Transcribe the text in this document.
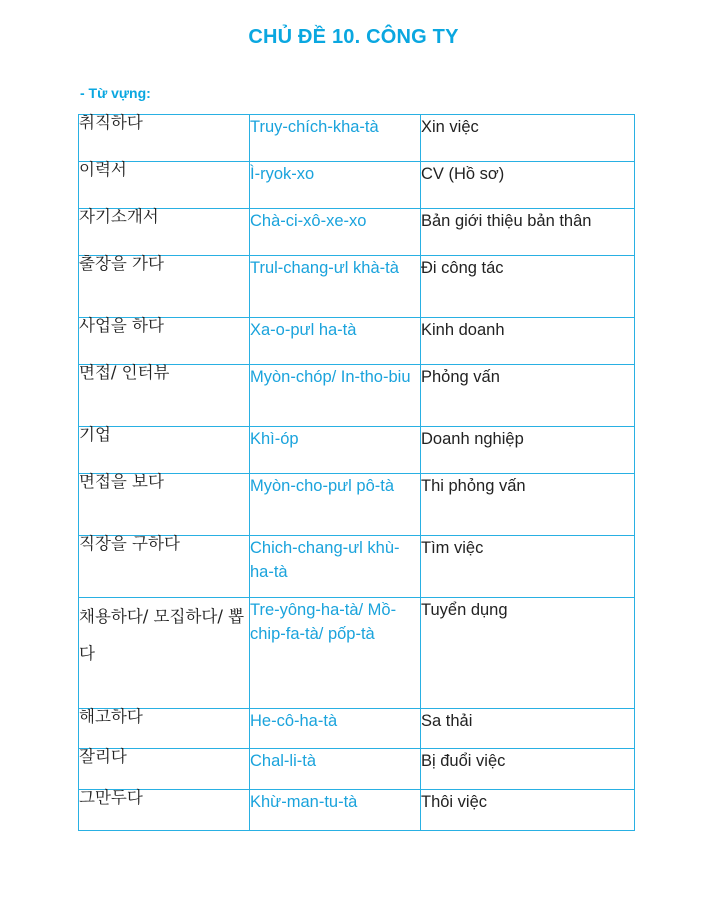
CHỦ ĐỀ 10. CÔNG TY
- Từ vựng:
취직하다	Truy-chích-kha-tà	Xin việc

이력서	Ì-ryok-xo	CV (Hồ sơ)

자기소개서	Chà-ci-xô-xe-xo	Bản giới thiệu bản thân

출장을 가다	Trul-chang-ưl khà-tà	Đi công tác

사업을 하다	Xa-o-pưl ha-tà	Kinh doanh

면접/ 인터뷰	Myòn-chóp/ In-tho-biu	Phỏng vấn

기업	Khì-óp	Doanh nghiệp

면접을 보다	Myòn-cho-pưl pô-tà	Thi phỏng vấn

직장을 구하다	Chich-chang-ưl khù-ha-tà	Tìm việc

채용하다/ 모집하다/ 뽑다	Tre-yông-ha-tà/ Mồ-chip-fa-tà/ pốp-tà	Tuyển dụng

해고하다	He-cô-ha-tà	Sa thải

잘리다	Chal-li-tà	Bị đuổi việc

그만두다	Khừ-man-tu-tà	Thôi việc
